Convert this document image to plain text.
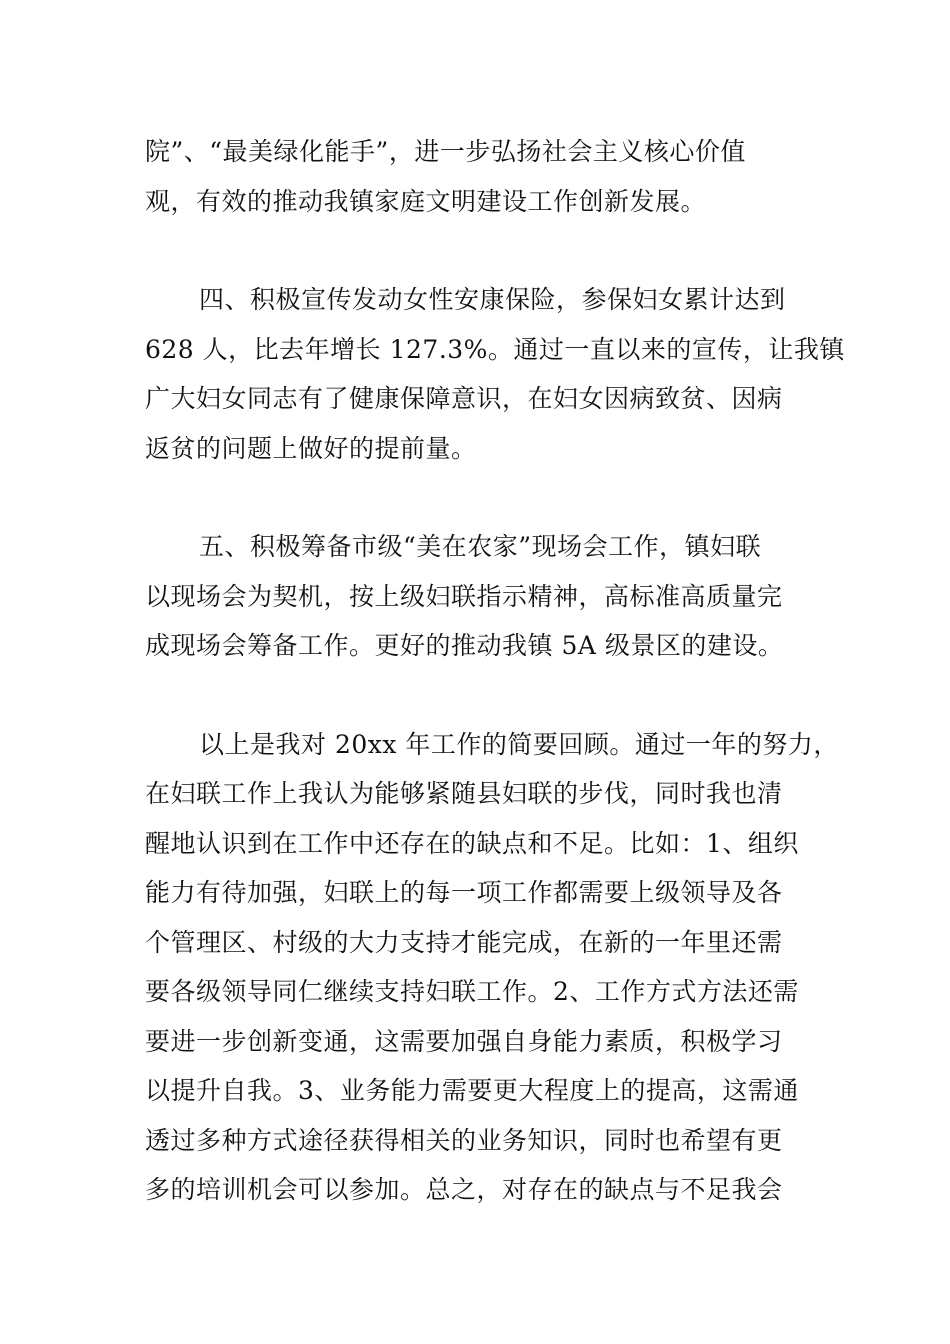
院”、“最美绿化能手”，进一步弘扬社会主义核心价值
观，有效的推动我镇家庭文明建设工作创新发展。
四、积极宣传发动女性安康保险，参保妇女累计达到
628 人，比去年增长 127.3%。通过一直以来的宣传，让我镇
广大妇女同志有了健康保障意识，在妇女因病致贫、因病
返贫的问题上做好的提前量。
五、积极筹备市级“美在农家”现场会工作，镇妇联
以现场会为契机，按上级妇联指示精神，高标准高质量完
成现场会筹备工作。更好的推动我镇 5A 级景区的建设。
以上是我对 20xx 年工作的简要回顾。通过一年的努力，
在妇联工作上我认为能够紧随县妇联的步伐，同时我也清
醒地认识到在工作中还存在的缺点和不足。比如：1、组织
能力有待加强，妇联上的每一项工作都需要上级领导及各
个管理区、村级的大力支持才能完成，在新的一年里还需
要各级领导同仁继续支持妇联工作。2、工作方式方法还需
要进一步创新变通，这需要加强自身能力素质，积极学习
以提升自我。3、业务能力需要更大程度上的提高，这需通
透过多种方式途径获得相关的业务知识，同时也希望有更
多的培训机会可以参加。总之，对存在的缺点与不足我会
